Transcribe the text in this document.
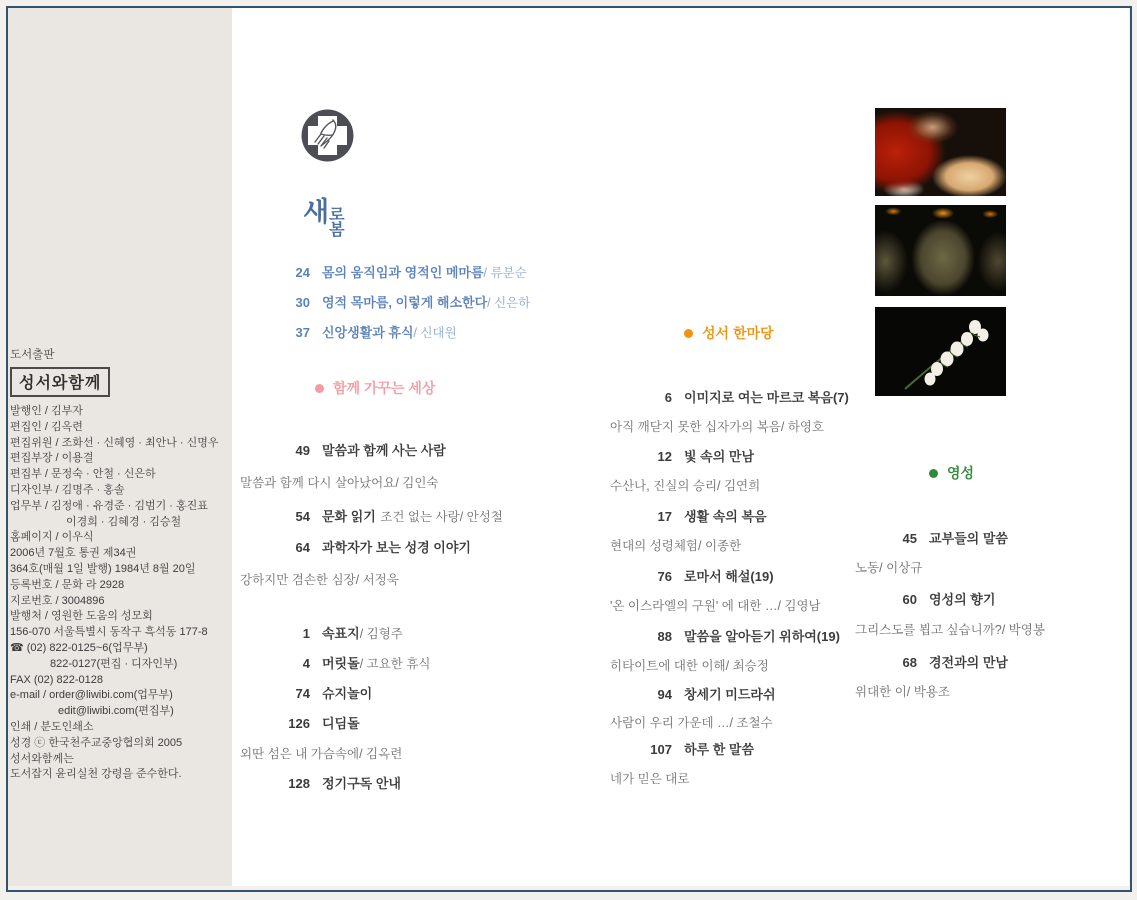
도서출판
성서와함께
발행인 / 김부자
편집인 / 김옥련
편집위원 / 조화선 · 신혜영 · 최안나 · 신명우
편집부장 / 이용결
편집부 / 문정숙 · 안철 · 신은하
디자인부 / 김명주 · 홍솔
업무부 / 김정애 · 유경준 · 김범기 · 홍진표
이경희 · 김혜경 · 김승철
홈페이지 / 이우식
2006년 7월호 통권 제34권
364호(매월 1일 발행) 1984년 8월 20일
등록번호 / 문화 라 2928
지로번호 / 3004896
발행처 / 영원한 도움의 성모회
156-070 서울특별시 동작구 흑석동 177-8
☎ (02) 822-0125~6(업무부)
822-0127(편집 · 디자인부)
FAX (02) 822-0128
e-mail / order@liwibi.com(업무부)
edit@liwibi.com(편집부)
인쇄 / 분도인쇄소
성경 ⓒ 한국천주교중앙협의회 2005
성서와함께는
도서잡지 윤리실천 강령을 준수한다.
새 로
봄
24 몸의 움직임과 영적인 메마름/ 류분순
30 영적 목마름, 이렇게 해소한다/ 신은하
37 신앙생활과 휴식/ 신대원
함께 가꾸는 세상
49 말씀과 함께 사는 사람
말씀과 함께 다시 살아났어요/ 김인숙
54 문화 읽기 조건 없는 사랑/ 안성철
64 과학자가 보는 성경 이야기
강하지만 겸손한 심장/ 서정욱
1 속표지/ 김형주
4 머릿돌/ 고요한 휴식
74 슈지놀이
126 디딤돌
외딴 섬은 내 가슴속에/ 김옥련
128 정기구독 안내
성서 한마당
6 이미지로 여는 마르코 복음(7)
아직 깨닫지 못한 십자가의 복음/ 하영호
12 빛 속의 만남
수산나, 진실의 승리/ 김연희
17 생활 속의 복음
현대의 성령체험/ 이종한
76 로마서 해설(19)
'온 이스라엘의 구원' 에 대한 …/ 김영남
88 말씀을 알아듣기 위하여(19)
히타이트에 대한 이해/ 최승정
94 창세기 미드라쉬
사람이 우리 가운데 …/ 조철수
107 하루 한 말씀
네가 믿은 대로
영성
45 교부들의 말씀
노동/ 이상규
60 영성의 향기
그리스도를 뵙고 싶습니까?/ 박영봉
68 경전과의 만남
위대한 이/ 박용조
